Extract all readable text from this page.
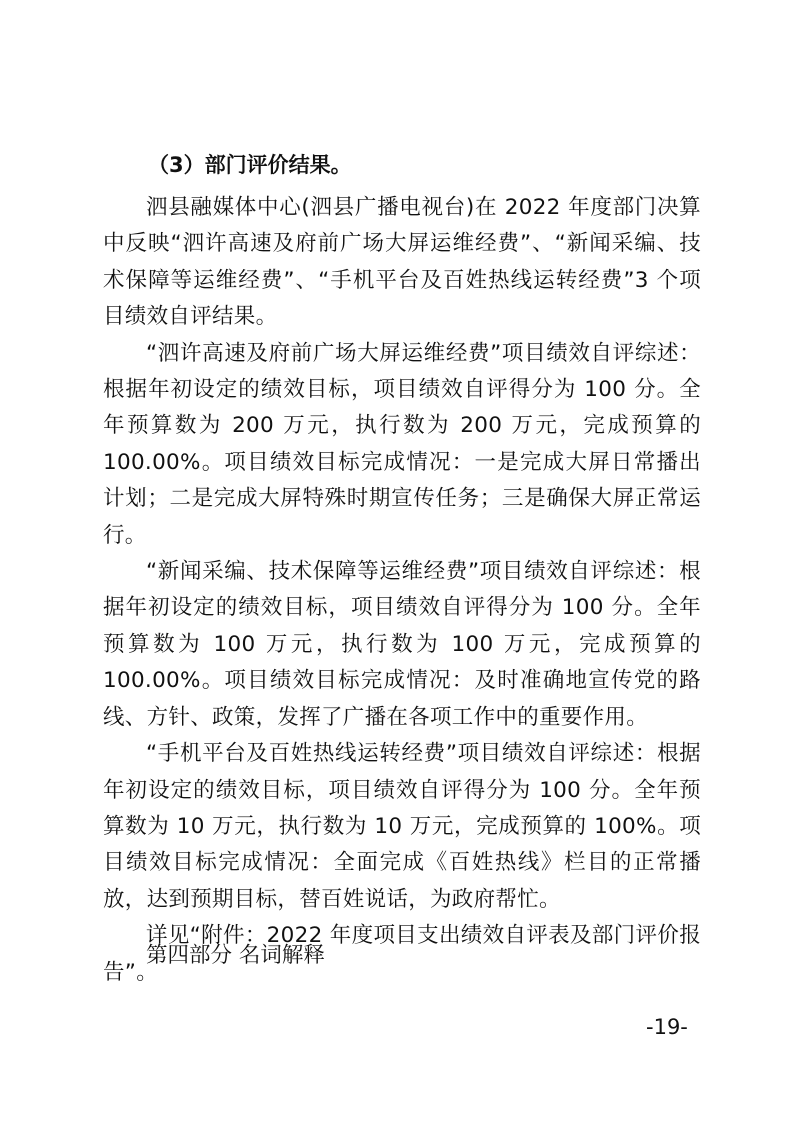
（3）部门评价结果。

泗县融媒体中心(泗县广播电视台)在 2022 年度部门决算中反映“泗许高速及府前广场大屏运维经费”、“新闻采编、技术保障等运维经费”、“手机平台及百姓热线运转经费”3 个项目绩效自评结果。

“泗许高速及府前广场大屏运维经费”项目绩效自评综述：根据年初设定的绩效目标，项目绩效自评得分为 100 分。全年预算数为 200 万元，执行数为 200 万元，完成预算的 100.00%。项目绩效目标完成情况：一是完成大屏日常播出计划；二是完成大屏特殊时期宣传任务；三是确保大屏正常运行。

“新闻采编、技术保障等运维经费”项目绩效自评综述：根据年初设定的绩效目标，项目绩效自评得分为 100 分。全年预算数为 100 万元，执行数为 100 万元，完成预算的 100.00%。项目绩效目标完成情况：及时准确地宣传党的路线、方针、政策，发挥了广播在各项工作中的重要作用。

“手机平台及百姓热线运转经费”项目绩效自评综述：根据年初设定的绩效目标，项目绩效自评得分为 100 分。全年预算数为 10 万元，执行数为 10 万元，完成预算的 100%。项目绩效目标完成情况：全面完成《百姓热线》栏目的正常播放，达到预期目标，替百姓说话，为政府帮忙。

详见“附件：2022 年度项目支出绩效自评表及部门评价报告”。

第四部分 名词解释

-19-
